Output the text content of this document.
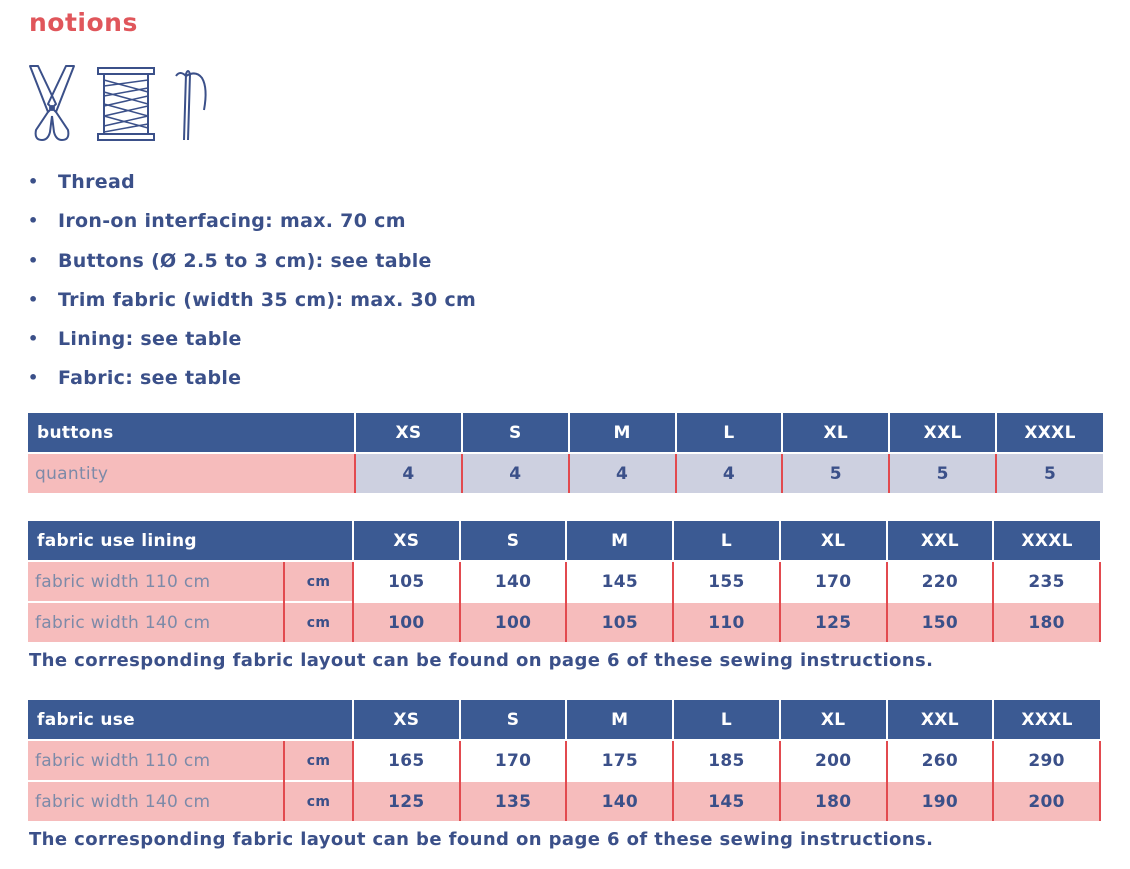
notions
• Thread
• Iron-on interfacing: max. 70 cm
• Buttons (Ø 2.5 to 3 cm): see table
• Trim fabric (width 35 cm): max. 30 cm
• Lining: see table
• Fabric: see table
buttons	XS	S	M	L	XL	XXL	XXXL
quantity	4	4	4	4	5	5	5
fabric use lining		XS	S	M	L	XL	XXL	XXXL
fabric width 110 cm	cm	105	140	145	155	170	220	235
fabric width 140 cm	cm	100	100	105	110	125	150	180

The corresponding fabric layout can be found on page 6 of these sewing instructions.

fabric use		XS	S	M	L	XL	XXL	XXXL
fabric width 110 cm	cm	165	170	175	185	200	260	290
fabric width 140 cm	cm	125	135	140	145	180	190	200

The corresponding fabric layout can be found on page 6 of these sewing instructions.
